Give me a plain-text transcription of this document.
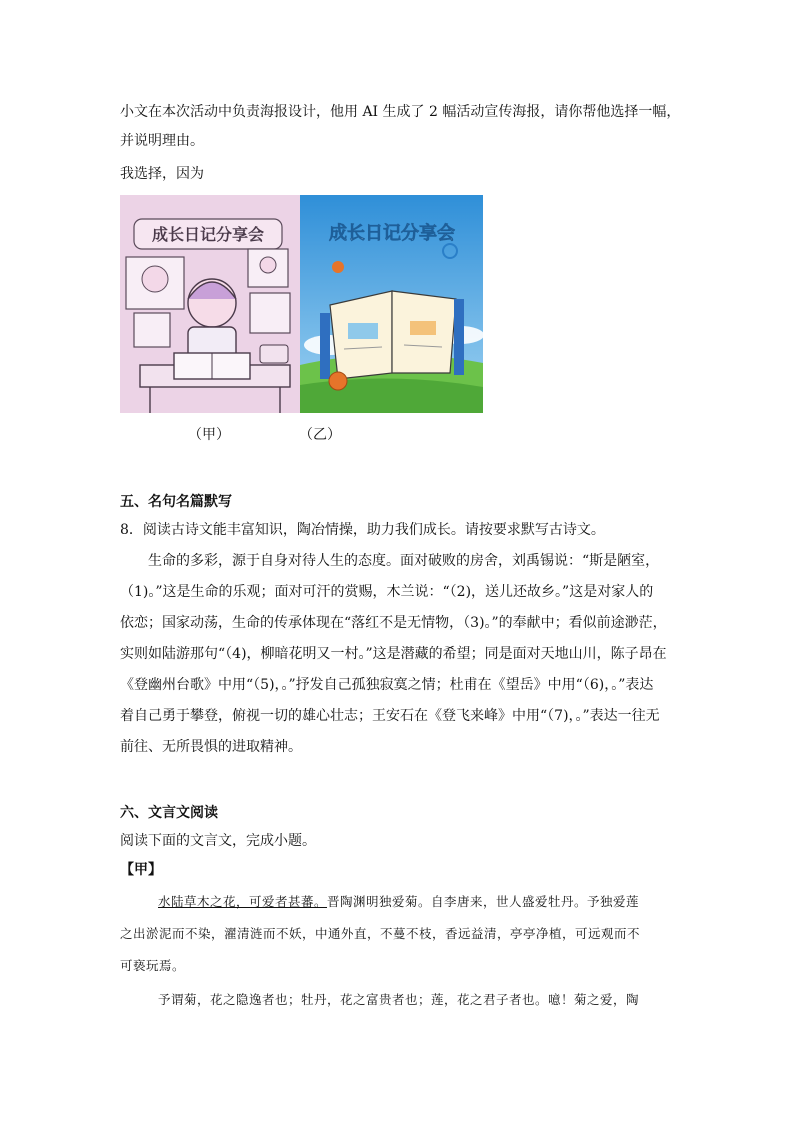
小文在本次活动中负责海报设计，他用 AI 生成了 2 幅活动宣传海报，请你帮他选择一幅，
并说明理由。
我选择，因为
成长日记分享会	成长日记分享会
（甲）	（乙）
五、名句名篇默写
8．阅读古诗文能丰富知识，陶冶情操，助力我们成长。请按要求默写古诗文。
生命的多彩，源于自身对待人生的态度。面对破败的房舍，刘禹锡说：“斯是陋室，
（1)。”这是生命的乐观；面对可汗的赏赐，木兰说：“（2)，送儿还故乡。”这是对家人的
依恋；国家动荡，生命的传承体现在“落红不是无情物，（3)。”的奉献中；看似前途渺茫，
实则如陆游那句“（4)，柳暗花明又一村。”这是潜藏的希望；同是面对天地山川，陈子昂在
《登幽州台歌》中用“（5)，。”抒发自己孤独寂寞之情；杜甫在《望岳》中用“（6)，。”表达
着自己勇于攀登，俯视一切的雄心壮志；王安石在《登飞来峰》中用“（7)，。”表达一往无
前往、无所畏惧的进取精神。
六、文言文阅读
阅读下面的文言文，完成小题。
【甲】
水陆草木之花，可爱者甚蕃。晋陶渊明独爱菊。自李唐来，世人盛爱牡丹。予独爱莲
之出淤泥而不染，濯清涟而不妖，中通外直，不蔓不枝，香远益清，亭亭净植，可远观而不
可亵玩焉。
予谓菊，花之隐逸者也；牡丹，花之富贵者也；莲，花之君子者也。噫！菊之爱，陶
